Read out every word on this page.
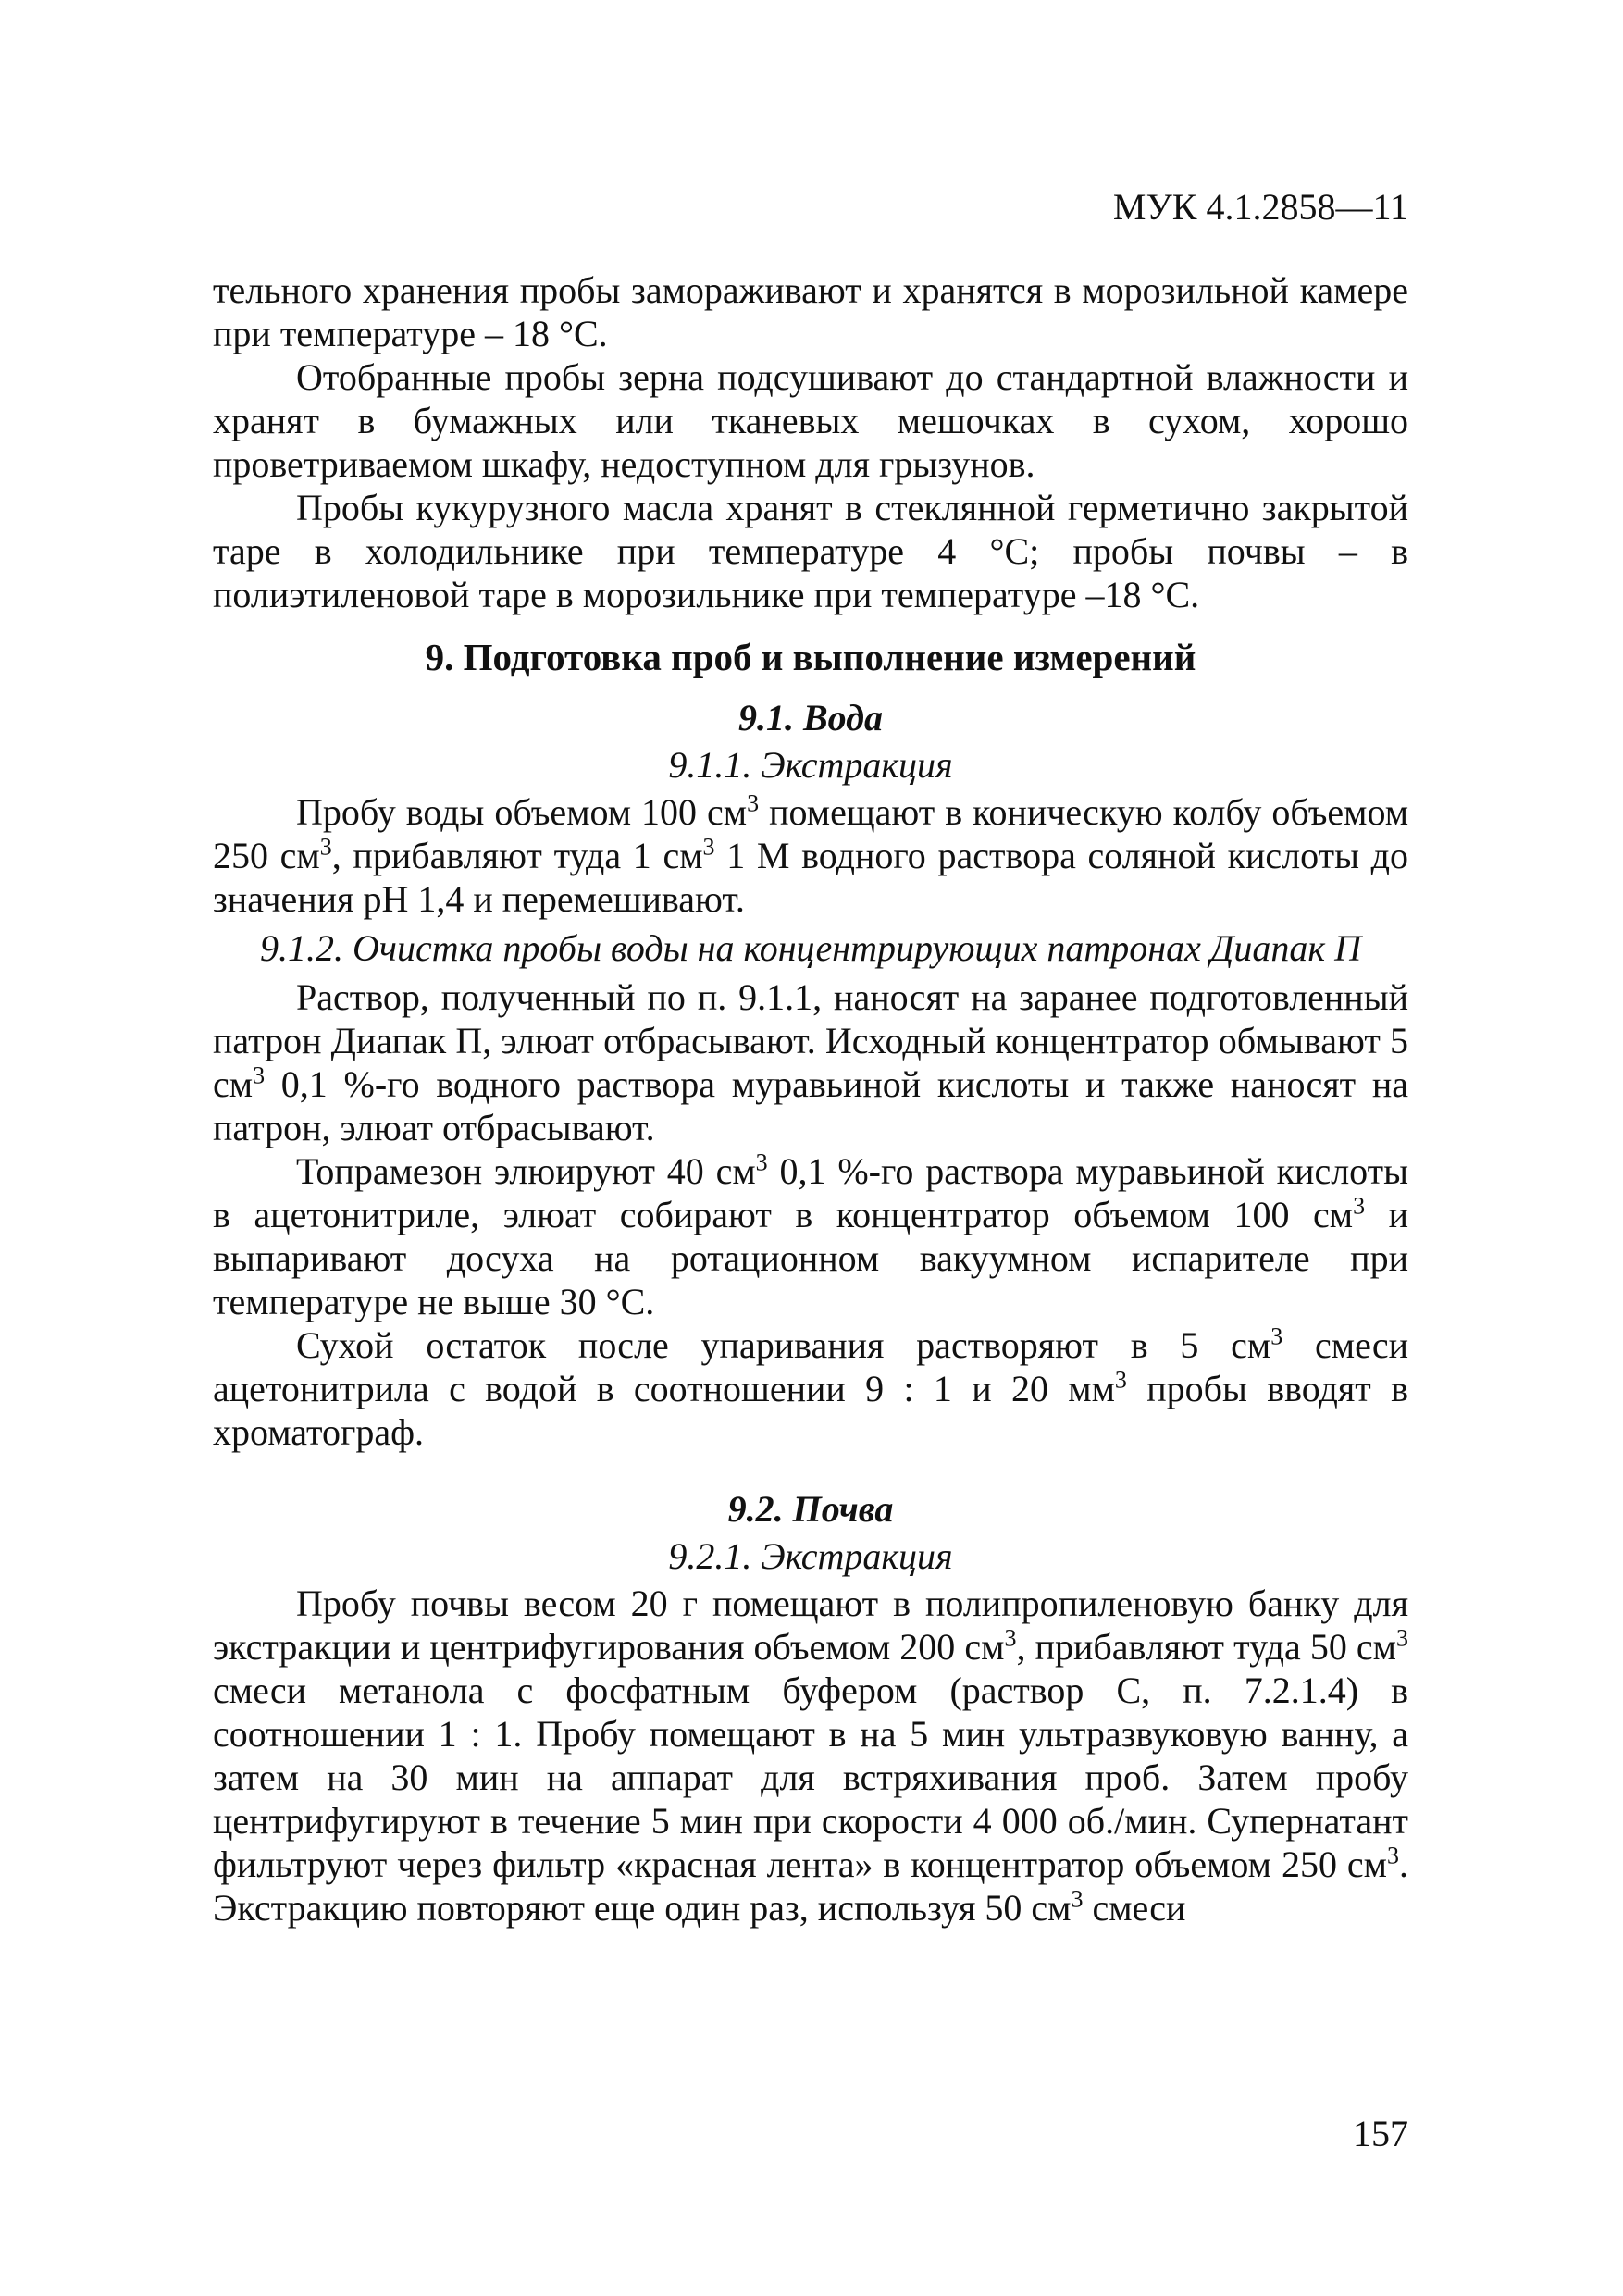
МУК 4.1.2858—11

тельного хранения пробы замораживают и хранятся в морозильной камере при температуре – 18 °С.

Отобранные пробы зерна подсушивают до стандартной влажности и хранят в бумажных или тканевых мешочках в сухом, хорошо проветриваемом шкафу, недоступном для грызунов.

Пробы кукурузного масла хранят в стеклянной герметично закрытой таре в холодильнике при температуре 4 °С; пробы почвы – в полиэтиленовой таре в морозильнике при температуре –18 °С.

9. Подготовка проб и выполнение измерений
9.1. Вода
9.1.1. Экстракция

Пробу воды объемом 100 $см^3$ помещают в коническую колбу объемом 250 $см^3$, прибавляют туда 1 $см^3$ 1 М водного раствора соляной кислоты до значения рН 1,4 и перемешивают.

9.1.2. Очистка пробы воды на концентрирующих патронах Диапак П

Раствор, полученный по п. 9.1.1, наносят на заранее подготовленный патрон Диапак П, элюат отбрасывают. Исходный концентратор обмывают 5 $см^3$ 0,1 %-го водного раствора муравьиной кислоты и также наносят на патрон, элюат отбрасывают.

Топрамезон элюируют 40 $см^3$ 0,1 %-го раствора муравьиной кислоты в ацетонитриле, элюат собирают в концентратор объемом 100 $см^3$ и выпаривают досуха на ротационном вакуумном испарителе при температуре не выше 30 °С.

Сухой остаток после упаривания растворяют в 5 $см^3$ смеси ацетонитрила с водой в соотношении 9 : 1 и 20 $мм^3$ пробы вводят в хроматограф.

9.2. Почва
9.2.1. Экстракция

Пробу почвы весом 20 г помещают в полипропиленовую банку для экстракции и центрифугирования объемом 200 $см^3$, прибавляют туда 50 $см^3$ смеси метанола с фосфатным буфером (раствор С, п. 7.2.1.4) в соотношении 1 : 1. Пробу помещают в на 5 мин ультразвуковую ванну, а затем на 30 мин на аппарат для встряхивания проб. Затем пробу центрифугируют в течение 5 мин при скорости 4 000 об./мин. Супернатант фильтруют через фильтр «красная лента» в концентратор объемом 250 $см^3$. Экстракцию повторяют еще один раз, используя 50 $см^3$ смеси

157
